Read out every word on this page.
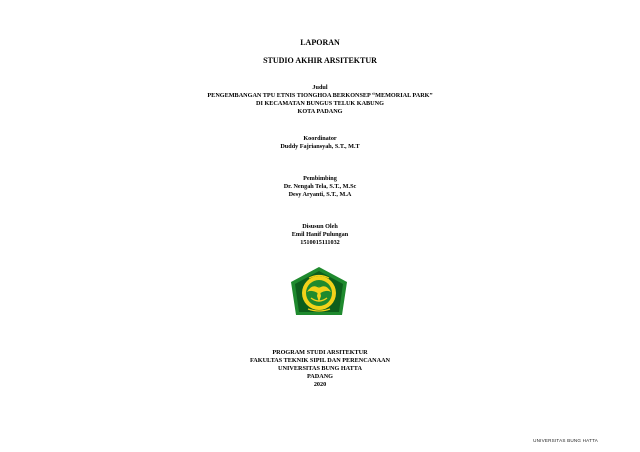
LAPORAN
STUDIO AKHIR ARSITEKTUR
Judul
PENGEMBANGAN TPU ETNIS TIONGHOA BERKONSEP “MEMORIAL PARK”
DI KECAMATAN BUNGUS TELUK KABUNG
KOTA PADANG
Koordinator
Duddy Fajriansyah, S.T., M.T
Pembimbing
Dr. Nengah Tela, S.T., M.Sc
Desy Aryanti, S.T., M.A
Disusun Oleh
Emil Hanif Pulungan
1510015111032
PROGRAM STUDI ARSITEKTUR
FAKULTAS TEKNIK SIPIL DAN PERENCANAAN
UNIVERSITAS BUNG HATTA
PADANG
2020
UNIVERSITAS BUNG HATTA
